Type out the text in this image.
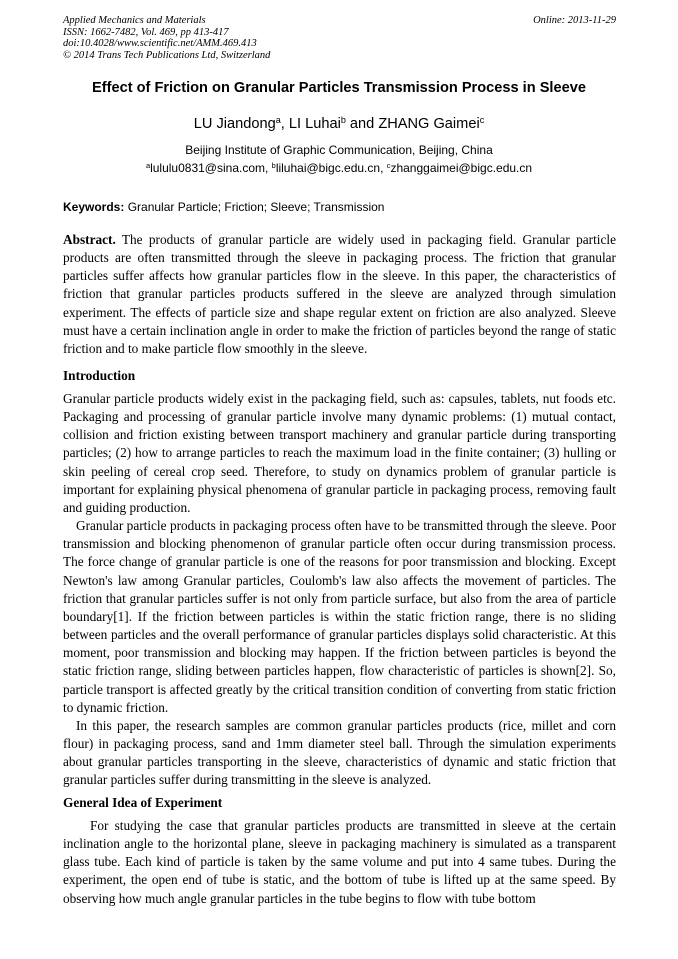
Applied Mechanics and Materials
ISSN: 1662-7482, Vol. 469, pp 413-417
doi:10.4028/www.scientific.net/AMM.469.413
© 2014 Trans Tech Publications Ltd, Switzerland
Online: 2013-11-29
Effect of Friction on Granular Particles Transmission Process in Sleeve
LU Jiandong$^a$, LI Luhai$^b$ and ZHANG Gaimei$^c$
Beijing Institute of Graphic Communication, Beijing, China
$^a$lululu0831@sina.com, $^b$liluhai@bigc.edu.cn, $^c$zhanggaimei@bigc.edu.cn
Keywords: Granular Particle; Friction; Sleeve; Transmission
Abstract. The products of granular particle are widely used in packaging field. Granular particle products are often transmitted through the sleeve in packaging process. The friction that granular particles suffer affects how granular particles flow in the sleeve. In this paper, the characteristics of friction that granular particles products suffered in the sleeve are analyzed through simulation experiment. The effects of particle size and shape regular extent on friction are also analyzed. Sleeve must have a certain inclination angle in order to make the friction of particles beyond the range of static friction and to make particle flow smoothly in the sleeve.
Introduction

Granular particle products widely exist in the packaging field, such as: capsules, tablets, nut foods etc. Packaging and processing of granular particle involve many dynamic problems: (1) mutual contact, collision and friction existing between transport machinery and granular particle during transporting particles; (2) how to arrange particles to reach the maximum load in the finite container; (3) hulling or skin peeling of cereal crop seed. Therefore, to study on dynamics problem of granular particle is important for explaining physical phenomena of granular particle in packaging process, removing fault and guiding production.

Granular particle products in packaging process often have to be transmitted through the sleeve. Poor transmission and blocking phenomenon of granular particle often occur during transmission process. The force change of granular particle is one of the reasons for poor transmission and blocking. Except Newton's law among Granular particles, Coulomb's law also affects the movement of particles. The friction that granular particles suffer is not only from particle surface, but also from the area of particle boundary[1]. If the friction between particles is within the static friction range, there is no sliding between particles and the overall performance of granular particles displays solid characteristic. At this moment, poor transmission and blocking may happen. If the friction between particles is beyond the static friction range, sliding between particles happen, flow characteristic of particles is shown[2]. So, particle transport is affected greatly by the critical transition condition of converting from static friction to dynamic friction.

In this paper, the research samples are common granular particles products (rice, millet and corn flour) in packaging process, sand and 1mm diameter steel ball. Through the simulation experiments about granular particles transporting in the sleeve, characteristics of dynamic and static friction that granular particles suffer during transmitting in the sleeve is analyzed.

General Idea of Experiment

For studying the case that granular particles products are transmitted in sleeve at the certain inclination angle to the horizontal plane, sleeve in packaging machinery is simulated as a transparent glass tube. Each kind of particle is taken by the same volume and put into 4 same tubes. During the experiment, the open end of tube is static, and the bottom of tube is lifted up at the same speed. By observing how much angle granular particles in the tube begins to flow with tube bottom
